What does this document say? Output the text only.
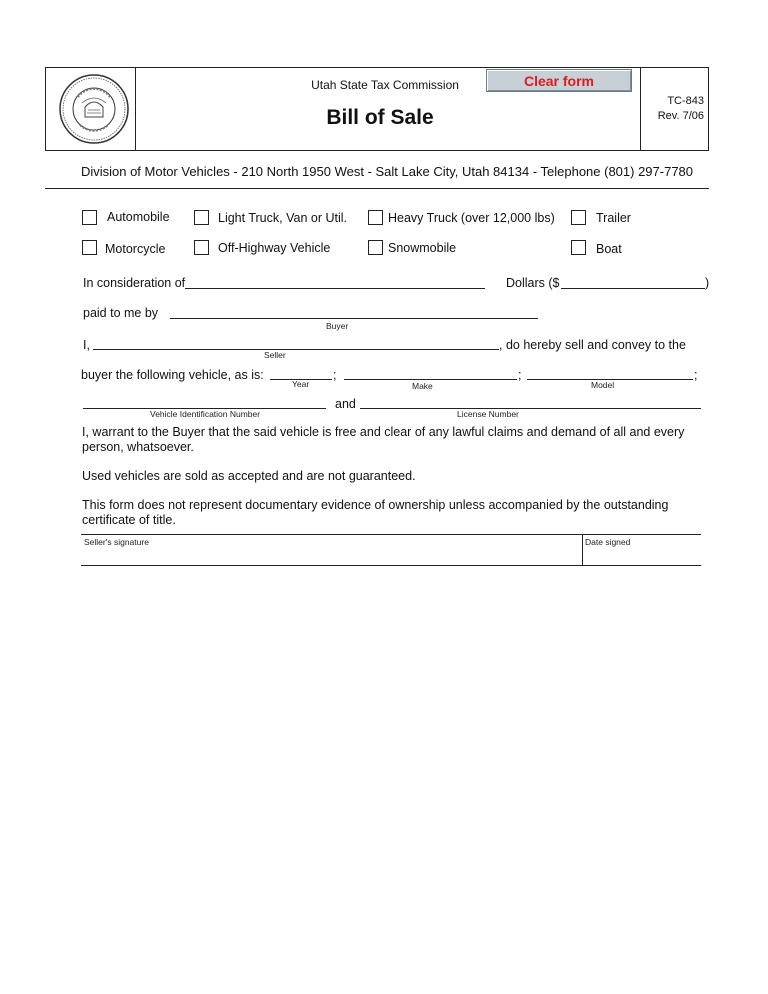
Utah State Tax Commission
Bill of Sale
Clear form
TC-843
Rev. 7/06
Division of Motor Vehicles - 210 North 1950 West - Salt Lake City, Utah 84134 - Telephone (801) 297-7780
Automobile	Light Truck, Van or Util.	Heavy Truck (over 12,000 lbs)	Trailer
Motorcycle	Off-Highway Vehicle	Snowmobile	Boat
In consideration of	Dollars ($	)
paid to me by
Buyer
I,	, do hereby sell and convey to the
Seller
buyer the following vehicle, as is:	;
Year
;
Make
;
Model
Vehicle Identification Number
and
License Number
I, warrant to the Buyer that the said vehicle is free and clear of any lawful claims and demand of all and every person, whatsoever.
Used vehicles are sold as accepted and are not guaranteed.
This form does not represent documentary evidence of ownership unless accompanied by the outstanding certificate of title.
Seller's signature	Date signed
